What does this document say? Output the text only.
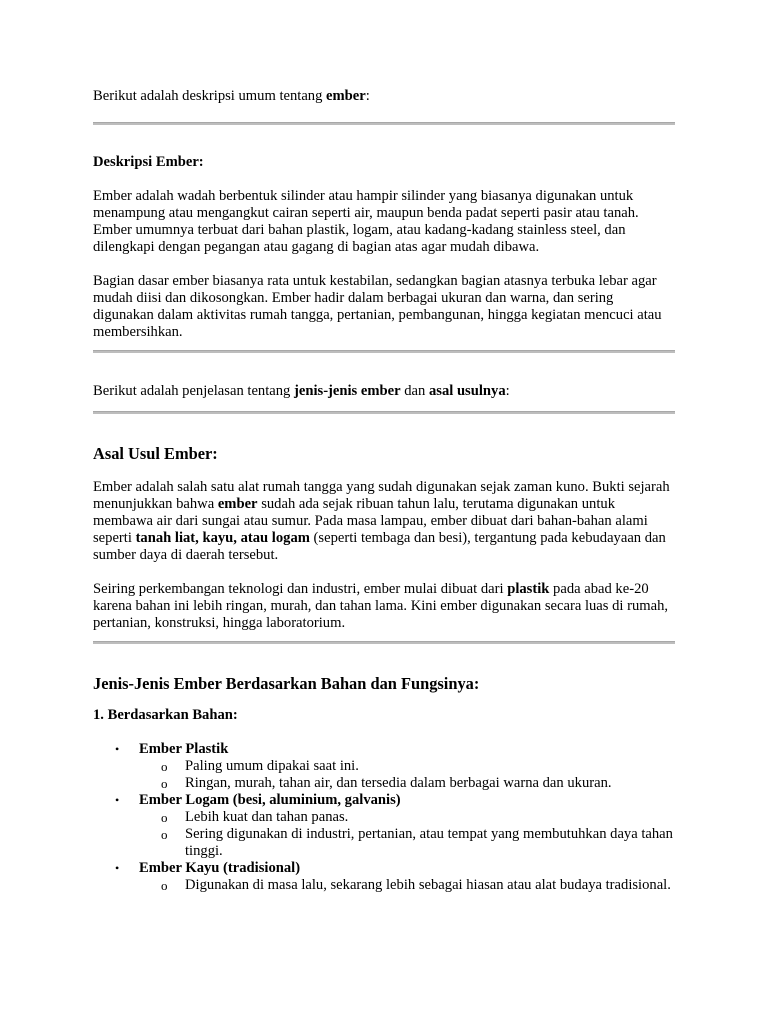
Berikut adalah deskripsi umum tentang ember:

Deskripsi Ember:

Ember adalah wadah berbentuk silinder atau hampir silinder yang biasanya digunakan untuk menampung atau mengangkut cairan seperti air, maupun benda padat seperti pasir atau tanah. Ember umumnya terbuat dari bahan plastik, logam, atau kadang-kadang stainless steel, dan dilengkapi dengan pegangan atau gagang di bagian atas agar mudah dibawa.

Bagian dasar ember biasanya rata untuk kestabilan, sedangkan bagian atasnya terbuka lebar agar mudah diisi dan dikosongkan. Ember hadir dalam berbagai ukuran dan warna, dan sering digunakan dalam aktivitas rumah tangga, pertanian, pembangunan, hingga kegiatan mencuci atau membersihkan.

Berikut adalah penjelasan tentang jenis-jenis ember dan asal usulnya:

Asal Usul Ember:

Ember adalah salah satu alat rumah tangga yang sudah digunakan sejak zaman kuno. Bukti sejarah menunjukkan bahwa ember sudah ada sejak ribuan tahun lalu, terutama digunakan untuk membawa air dari sungai atau sumur. Pada masa lampau, ember dibuat dari bahan-bahan alami seperti tanah liat, kayu, atau logam (seperti tembaga dan besi), tergantung pada kebudayaan dan sumber daya di daerah tersebut.

Seiring perkembangan teknologi dan industri, ember mulai dibuat dari plastik pada abad ke-20 karena bahan ini lebih ringan, murah, dan tahan lama. Kini ember digunakan secara luas di rumah, pertanian, konstruksi, hingga laboratorium.

Jenis-Jenis Ember Berdasarkan Bahan dan Fungsinya:

1. Berdasarkan Bahan:

• Ember Plastik
o Paling umum dipakai saat ini.
o Ringan, murah, tahan air, dan tersedia dalam berbagai warna dan ukuran.
• Ember Logam (besi, aluminium, galvanis)
o Lebih kuat dan tahan panas.
o Sering digunakan di industri, pertanian, atau tempat yang membutuhkan daya tahan tinggi.
• Ember Kayu (tradisional)
o Digunakan di masa lalu, sekarang lebih sebagai hiasan atau alat budaya tradisional.
